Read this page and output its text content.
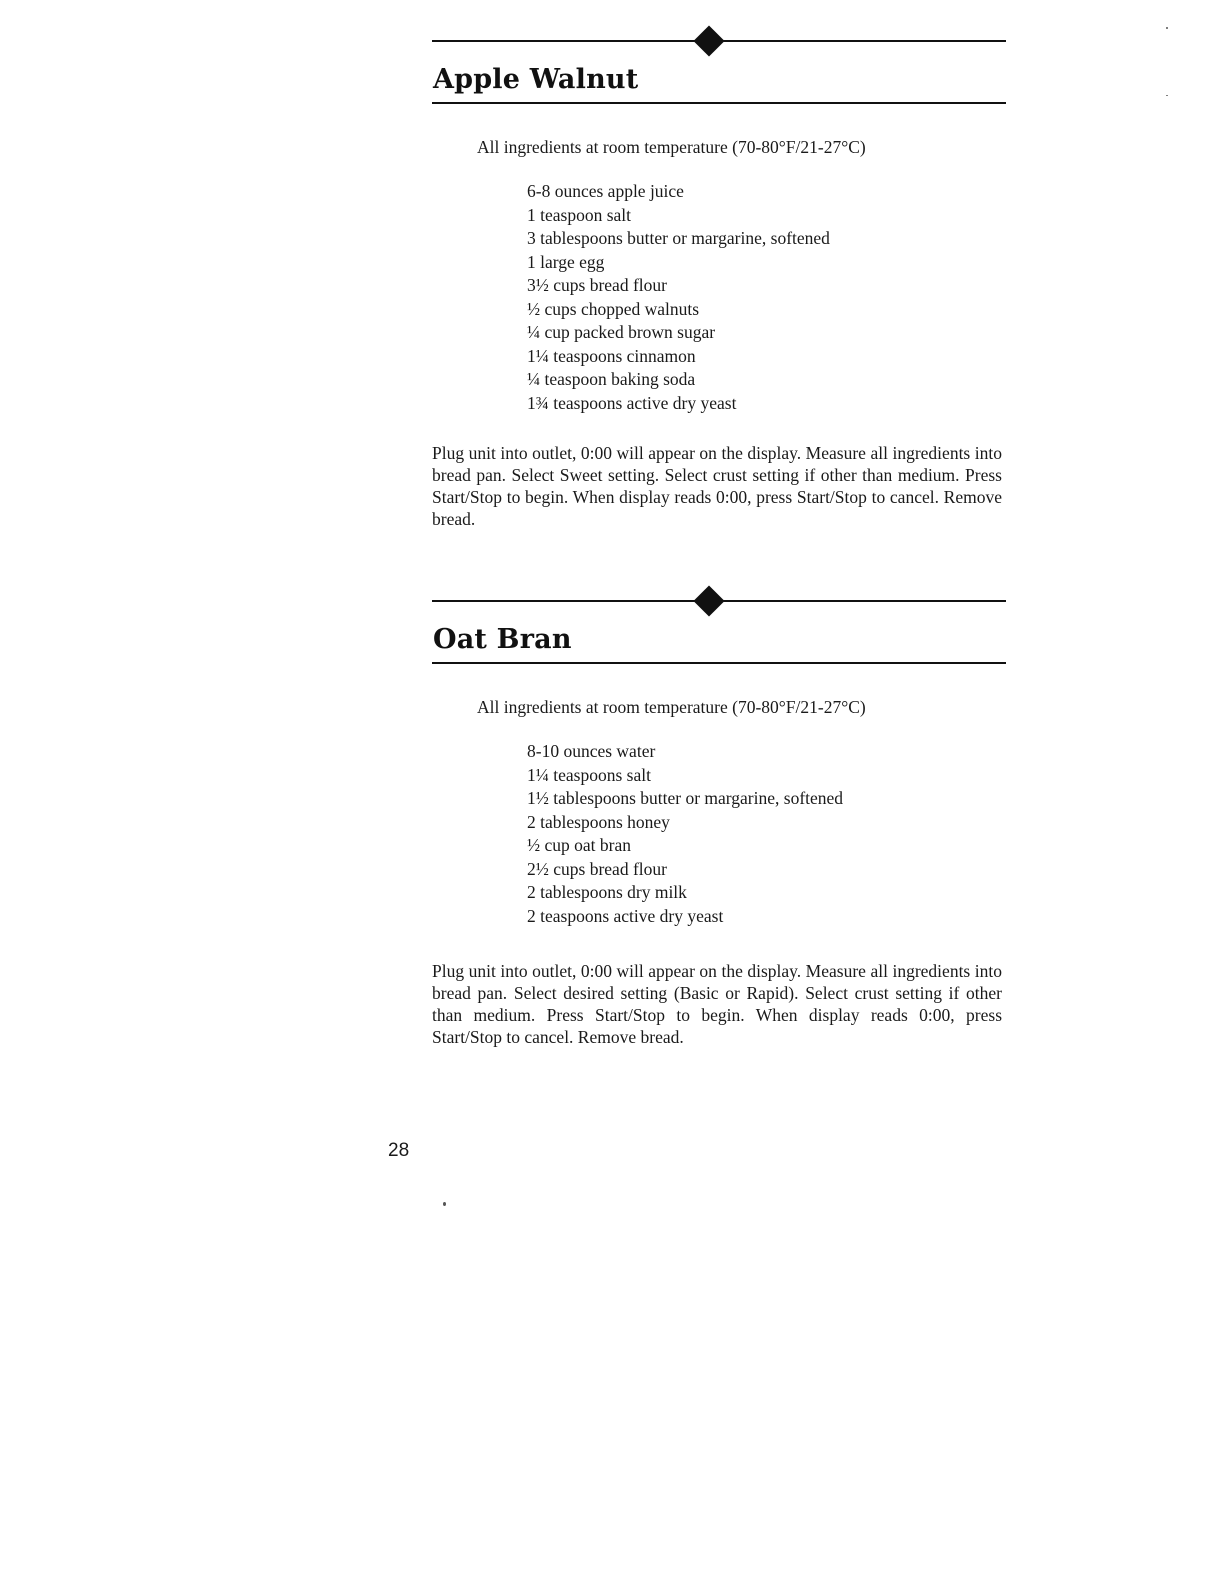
Apple Walnut
All ingredients at room temperature (70-80°F/21-27°C)
6-8 ounces apple juice
1 teaspoon salt
3 tablespoons butter or margarine, softened
1 large egg
3½ cups bread flour
½ cups chopped walnuts
¼ cup packed brown sugar
1¼ teaspoons cinnamon
¼ teaspoon baking soda
1¾ teaspoons active dry yeast

Plug unit into outlet, 0:00 will appear on the display. Measure all ingredients into bread pan. Select Sweet setting. Select crust setting if other than medium. Press Start/Stop to begin. When display reads 0:00, press Start/Stop to cancel. Remove bread.

Oat Bran
All ingredients at room temperature (70-80°F/21-27°C)
8-10 ounces water
1¼ teaspoons salt
1½ tablespoons butter or margarine, softened
2 tablespoons honey
½ cup oat bran
2½ cups bread flour
2 tablespoons dry milk
2 teaspoons active dry yeast

Plug unit into outlet, 0:00 will appear on the display. Measure all ingredients into bread pan. Select desired setting (Basic or Rapid). Select crust setting if other than medium. Press Start/Stop to begin. When display reads 0:00, press Start/Stop to cancel. Remove bread.

28
